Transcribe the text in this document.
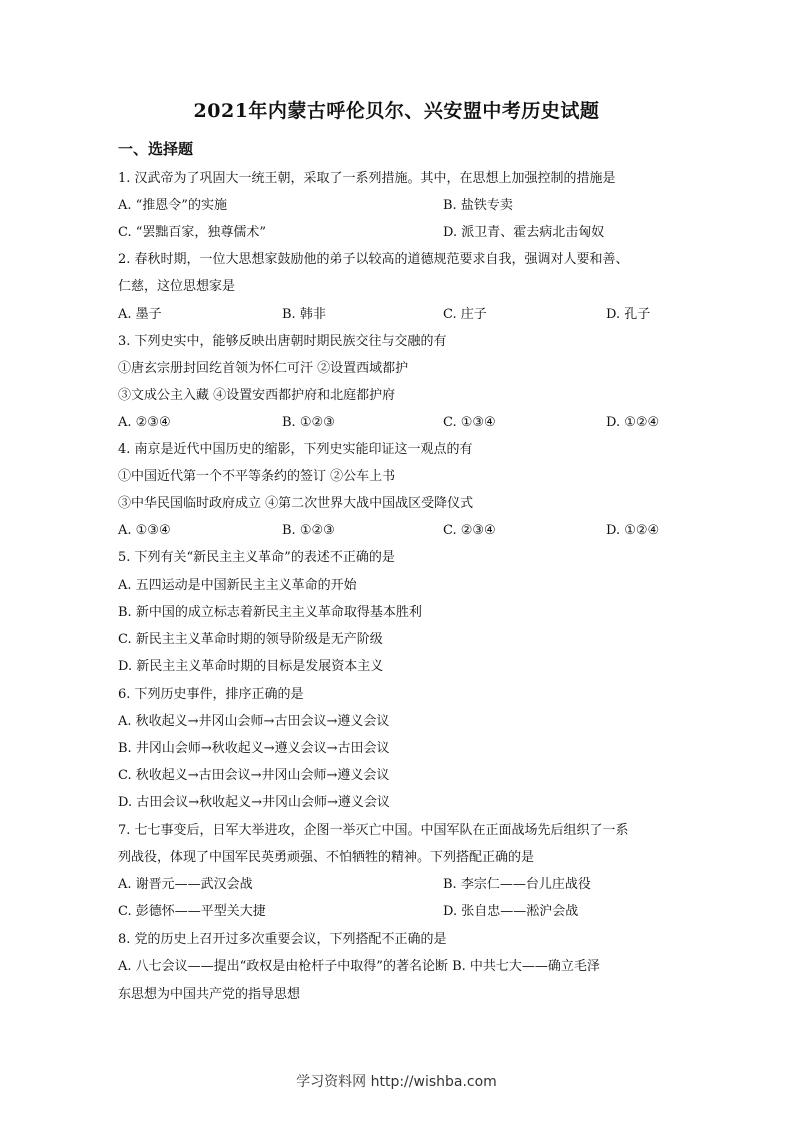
2021年内蒙古呼伦贝尔、兴安盟中考历史试题
一、选择题
1. 汉武帝为了巩固大一统王朝，采取了一系列措施。其中，在思想上加强控制的措施是
A. “推恩令”的实施	B. 盐铁专卖
C. “罢黜百家，独尊儒术”	D. 派卫青、霍去病北击匈奴
2. 春秋时期，一位大思想家鼓励他的弟子以较高的道德规范要求自我，强调对人要和善、
仁慈，这位思想家是
A. 墨子	B. 韩非	C. 庄子	D. 孔子
3. 下列史实中，能够反映出唐朝时期民族交往与交融的有
①唐玄宗册封回纥首领为怀仁可汗 ②设置西域都护
③文成公主入藏 ④设置安西都护府和北庭都护府
A. ②③④	B. ①②③	C. ①③④	D. ①②④
4. 南京是近代中国历史的缩影，下列史实能印证这一观点的有
①中国近代第一个不平等条约的签订 ②公车上书
③中华民国临时政府成立 ④第二次世界大战中国战区受降仪式
A. ①③④	B. ①②③	C. ②③④	D. ①②④
5. 下列有关“新民主主义革命”的表述不正确的是
A. 五四运动是中国新民主主义革命的开始
B. 新中国的成立标志着新民主主义革命取得基本胜利
C. 新民主主义革命时期的领导阶级是无产阶级
D. 新民主主义革命时期的目标是发展资本主义
6. 下列历史事件，排序正确的是
A. 秋收起义→井冈山会师→古田会议→遵义会议
B. 井冈山会师→秋收起义→遵义会议→古田会议
C. 秋收起义→古田会议→井冈山会师→遵义会议
D. 古田会议→秋收起义→井冈山会师→遵义会议
7. 七七事变后，日军大举进攻，企图一举灭亡中国。中国军队在正面战场先后组织了一系
列战役，体现了中国军民英勇顽强、不怕牺牲的精神。下列搭配正确的是
A. 谢晋元——武汉会战	B. 李宗仁——台儿庄战役
C. 彭德怀——平型关大捷	D. 张自忠——淞沪会战
8. 党的历史上召开过多次重要会议，下列搭配不正确的是
A. 八七会议——提出“政权是由枪杆子中取得”的著名论断 B. 中共七大——确立毛泽
东思想为中国共产党的指导思想
学习资料网 http://wishba.com
